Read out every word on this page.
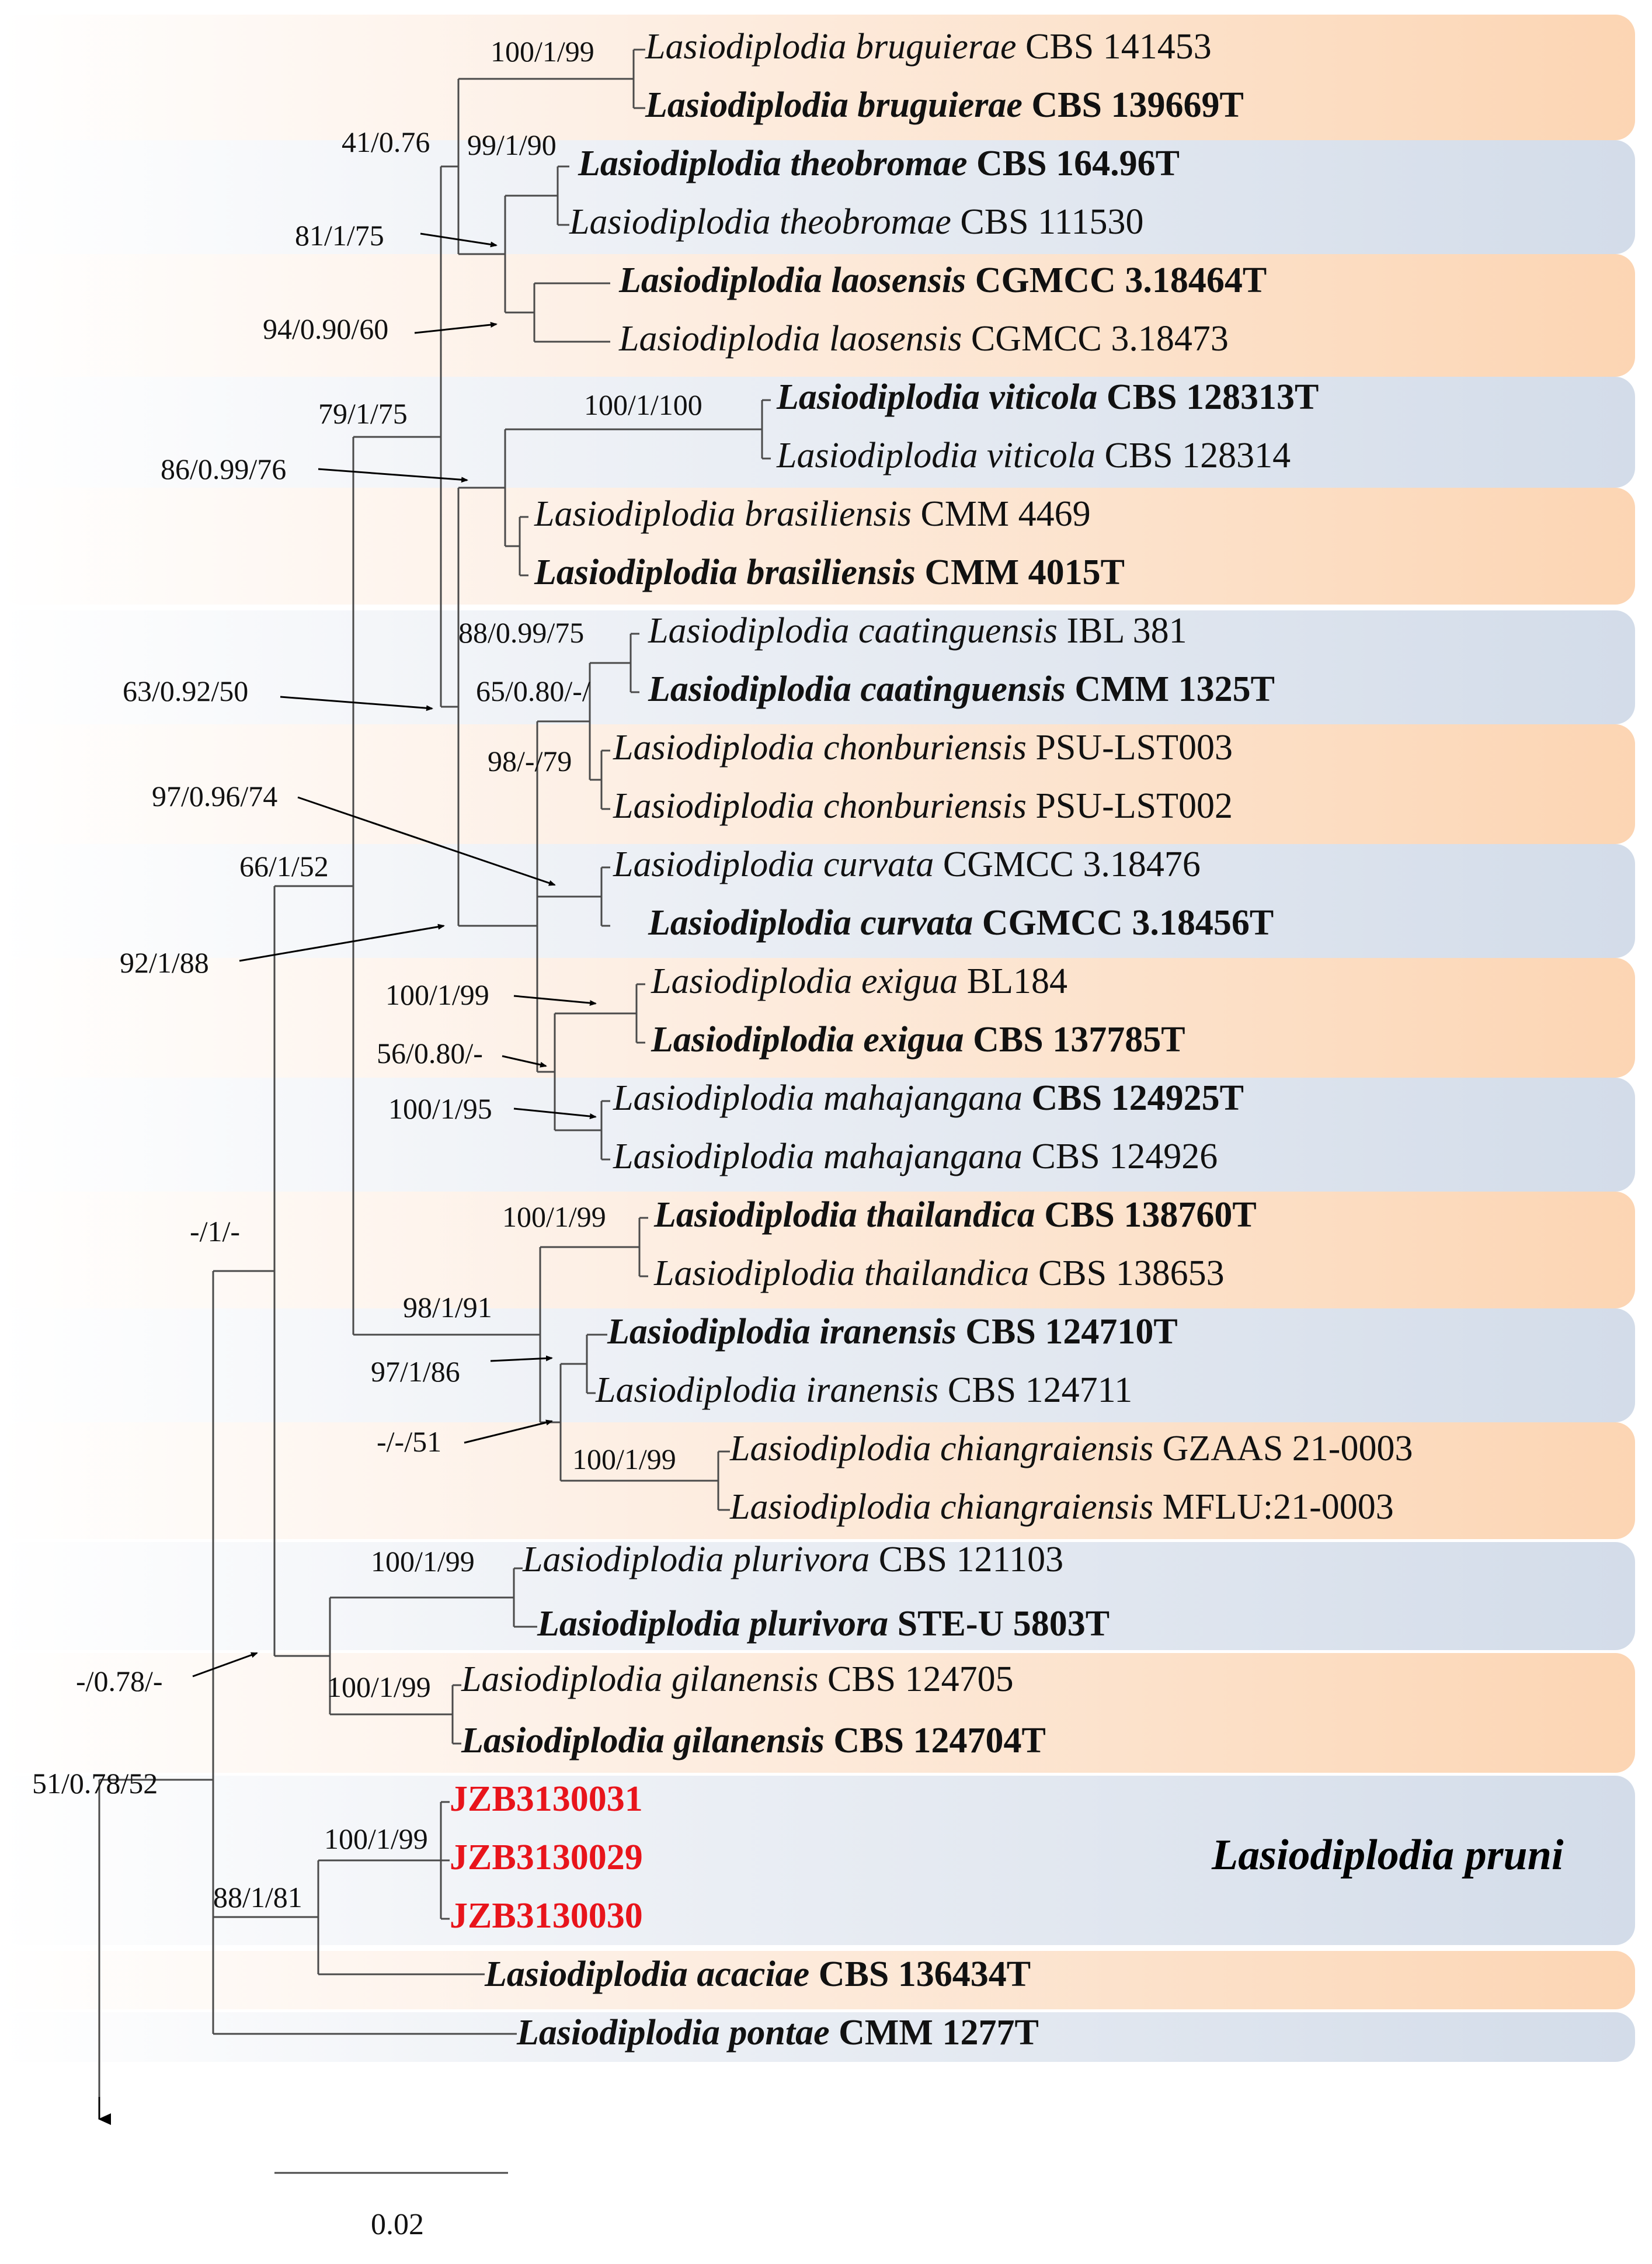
Lasiodiplodia bruguierae CBS 141453
Lasiodiplodia bruguierae CBS 139669T
Lasiodiplodia theobromae CBS 164.96T
Lasiodiplodia theobromae CBS 111530
Lasiodiplodia laosensis CGMCC 3.18464T
Lasiodiplodia laosensis CGMCC 3.18473
Lasiodiplodia viticola CBS 128313T
Lasiodiplodia viticola CBS 128314
Lasiodiplodia brasiliensis CMM 4469
Lasiodiplodia brasiliensis CMM 4015T
Lasiodiplodia caatinguensis IBL 381
Lasiodiplodia caatinguensis CMM 1325T
Lasiodiplodia chonburiensis PSU-LST003
Lasiodiplodia chonburiensis PSU-LST002
Lasiodiplodia curvata CGMCC 3.18476
Lasiodiplodia curvata CGMCC 3.18456T
Lasiodiplodia exigua BL184
Lasiodiplodia exigua CBS 137785T
Lasiodiplodia mahajangana CBS 124925T
Lasiodiplodia mahajangana CBS 124926
Lasiodiplodia thailandica CBS 138760T
Lasiodiplodia thailandica CBS 138653
Lasiodiplodia iranensis CBS 124710T
Lasiodiplodia iranensis CBS 124711
Lasiodiplodia chiangraiensis GZAAS 21-0003
Lasiodiplodia chiangraiensis MFLU:21-0003
Lasiodiplodia plurivora CBS 121103
Lasiodiplodia plurivora STE-U 5803T
Lasiodiplodia gilanensis CBS 124705
Lasiodiplodia gilanensis CBS 124704T
JZB3130031
JZB3130029
JZB3130030
Lasiodiplodia acaciae CBS 136434T
Lasiodiplodia pontae CMM 1277T
100/1/99
41/0.76 99/1/90
81/1/75
94/0.90/60
79/1/75	100/1/100
86/0.99/76
88/0.99/75
63/0.92/50	65/0.80/-/
98/-/79
97/0.96/74
66/1/52
92/1/88
100/1/99
56/0.80/-
100/1/95
100/1/99
-/1/-
98/1/91
97/1/86
-/-/51
100/1/99
100/1/99
-/0.78/-	100/1/99
51/0.78/52
100/1/99
88/1/81
Lasiodiplodia pruni
0.02
